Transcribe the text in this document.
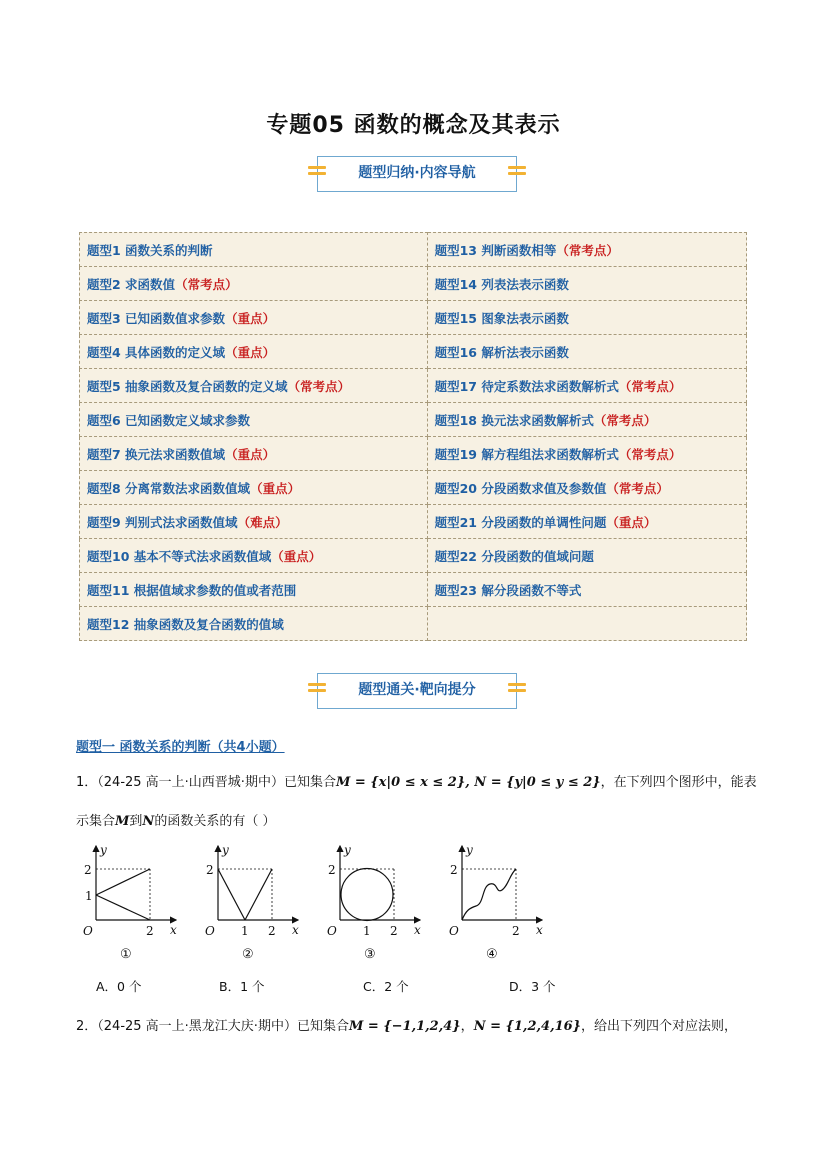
专题05 函数的概念及其表示
题型归纳·内容导航
题型1 函数关系的判断	题型13 判断函数相等（常考点）
题型2 求函数值（常考点）	题型14 列表法表示函数
题型3 已知函数值求参数（重点）	题型15 图象法表示函数
题型4 具体函数的定义域（重点）	题型16 解析法表示函数
题型5 抽象函数及复合函数的定义域（常考点）	题型17 待定系数法求函数解析式（常考点）
题型6 已知函数定义域求参数	题型18 换元法求函数解析式（常考点）
题型7 换元法求函数值域（重点）	题型19 解方程组法求函数解析式（常考点）
题型8 分离常数法求函数值域（重点）	题型20 分段函数求值及参数值（常考点）
题型9 判别式法求函数值域（难点）	题型21 分段函数的单调性问题（重点）
题型10 基本不等式法求函数值域（重点）	题型22 分段函数的值域问题
题型11 根据值域求参数的值或者范围	题型23 解分段函数不等式
题型12 抽象函数及复合函数的值域	
题型通关·靶向提分
题型一 函数关系的判断（共4小题）
1．（24-25 高一上·山西晋城·期中）已知集合M = {x|0 ≤ x ≤ 2}, N = {y|0 ≤ y ≤ 2}，在下列四个图形中，能表
示集合M到N的函数关系的有（ ）
y
x
O
2
1
2
①
y
x
O
2
1 2
②
y
x
O
2
1 2
③
y
x
O
2
2
④
A．0 个	B．1 个	C．2 个	D．3 个
2．（24-25 高一上·黑龙江大庆·期中）已知集合M = {−1,1,2,4}，N = {1,2,4,16}，给出下列四个对应法则，
